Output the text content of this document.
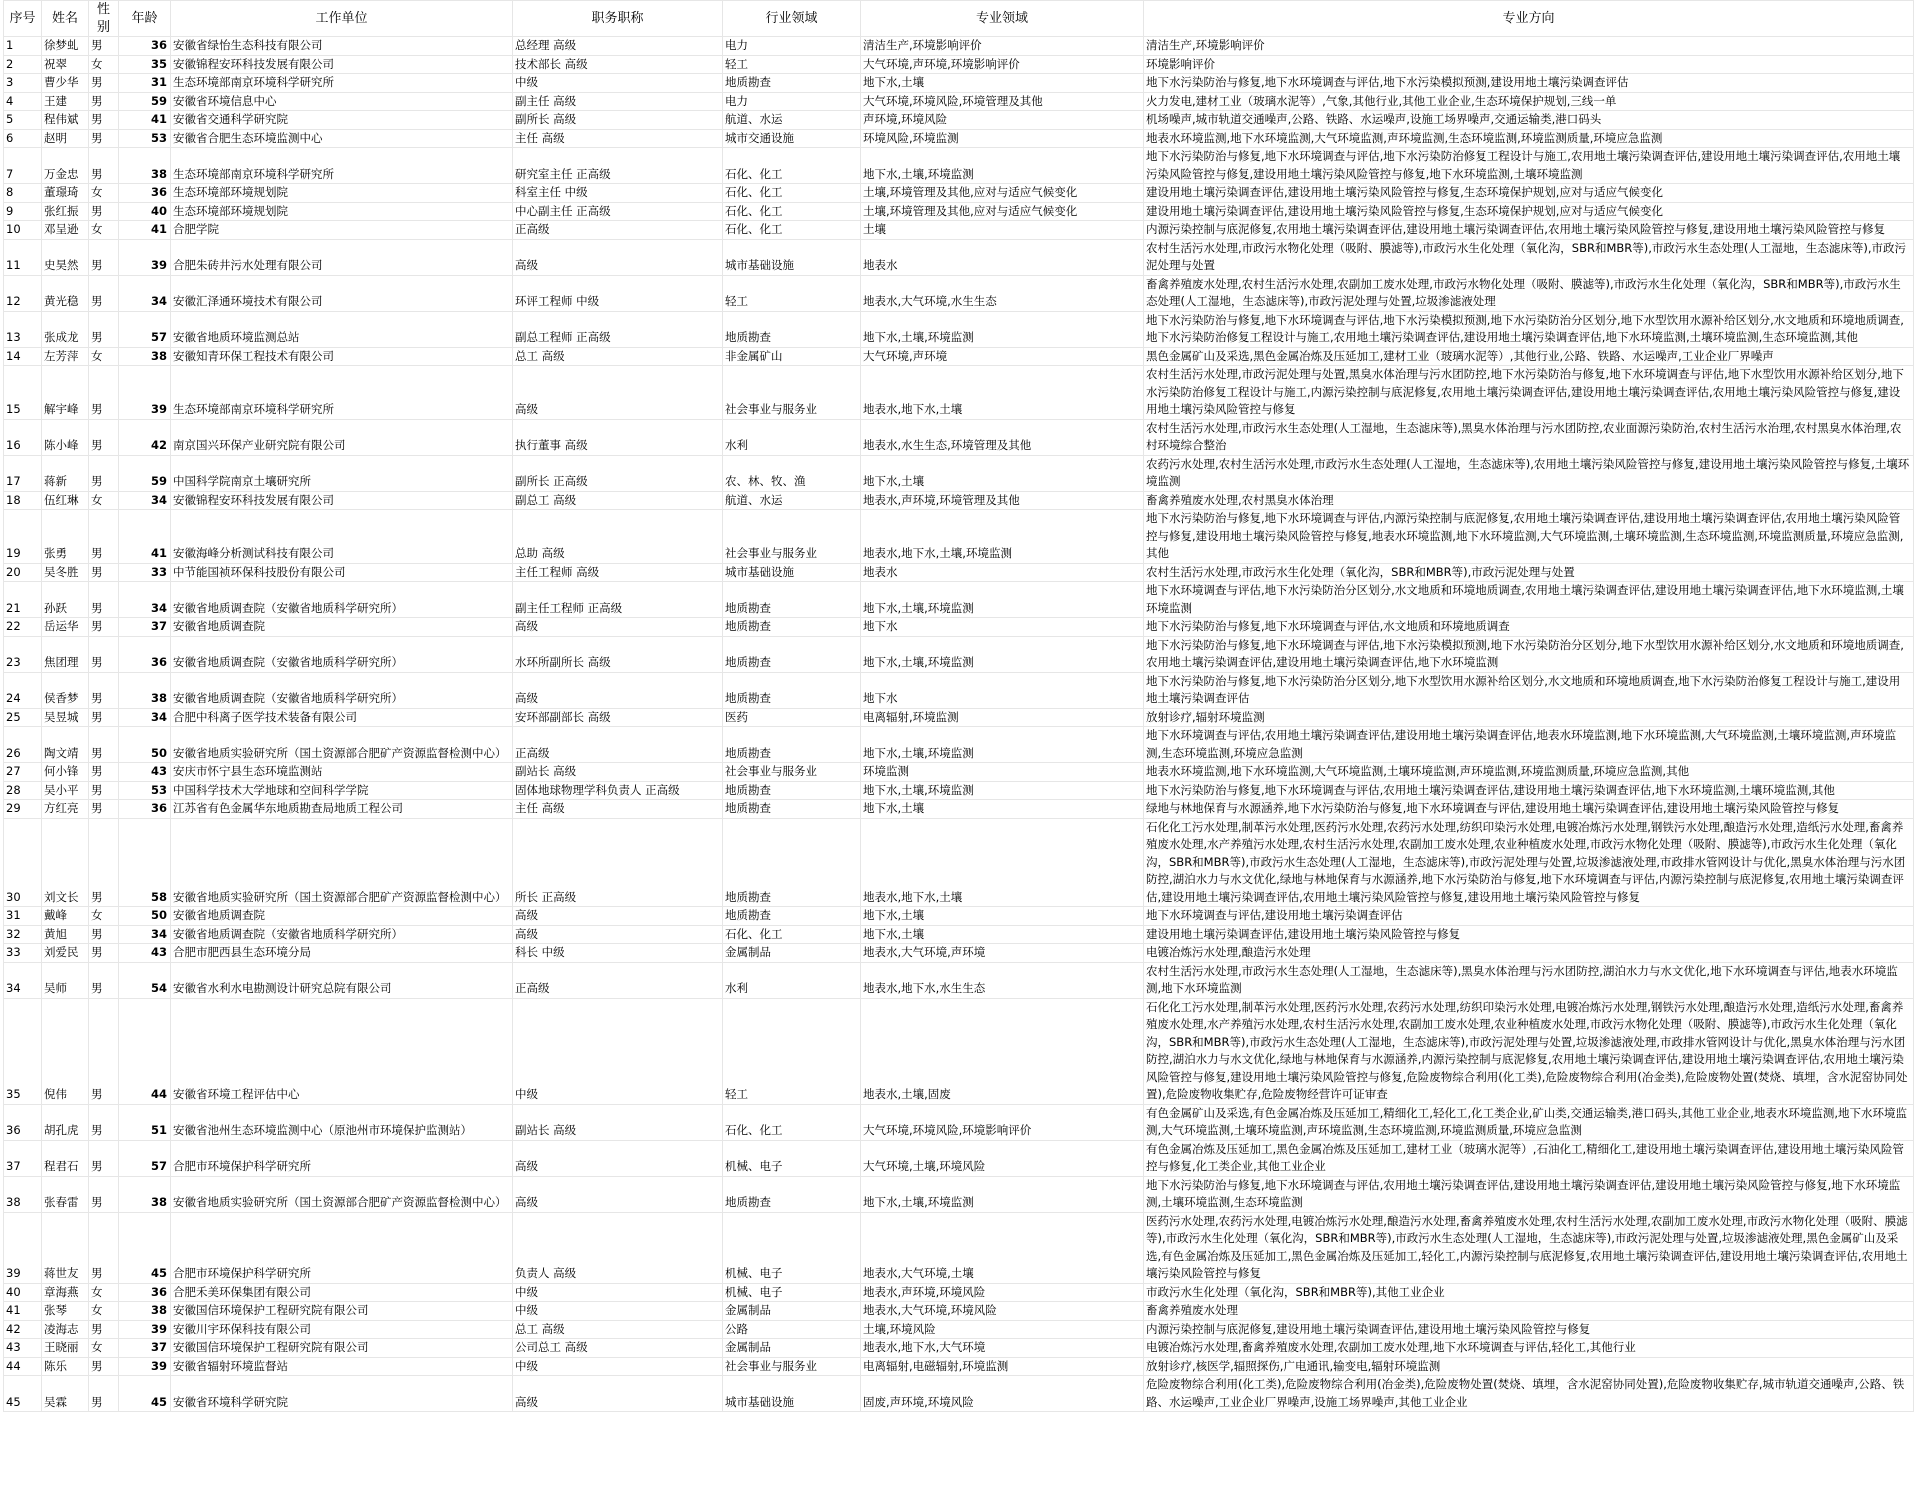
序号	姓名	性别	年龄	工作单位	职务职称	行业领域	专业领域	专业方向
1	徐梦虬	男	36	安徽省绿怡生态科技有限公司	总经理 高级	电力	清洁生产,环境影响评价	清洁生产,环境影响评价
2	祝翠	女	35	安徽锦程安环科技发展有限公司	技术部长 高级	轻工	大气环境,声环境,环境影响评价	环境影响评价
3	曹少华	男	31	生态环境部南京环境科学研究所	中级	地质勘查	地下水,土壤	地下水污染防治与修复,地下水环境调查与评估,地下水污染模拟预测,建设用地土壤污染调查评估
4	王建	男	59	安徽省环境信息中心	副主任 高级	电力	大气环境,环境风险,环境管理及其他	火力发电,建材工业（玻璃水泥等）,气象,其他行业,其他工业企业,生态环境保护规划,三线一单
5	程伟斌	男	41	安徽省交通科学研究院	副所长 高级	航道、水运	声环境,环境风险	机场噪声,城市轨道交通噪声,公路、铁路、水运噪声,设施工场界噪声,交通运输类,港口码头
6	赵明	男	53	安徽省合肥生态环境监测中心	主任 高级	城市交通设施	环境风险,环境监测	地表水环境监测,地下水环境监测,大气环境监测,声环境监测,生态环境监测,环境监测质量,环境应急监测
7	万金忠	男	38	生态环境部南京环境科学研究所	研究室主任 正高级	石化、化工	地下水,土壤,环境监测	地下水污染防治与修复,地下水环境调查与评估,地下水污染防治修复工程设计与施工,农用地土壤污染调查评估,建设用地土壤污染调查评估,农用地土壤污染风险管控与修复,建设用地土壤污染风险管控与修复,地下水环境监测,土壤环境监测
8	董璟琦	女	36	生态环境部环境规划院	科室主任 中级	石化、化工	土壤,环境管理及其他,应对与适应气候变化	建设用地土壤污染调查评估,建设用地土壤污染风险管控与修复,生态环境保护规划,应对与适应气候变化
9	张红振	男	40	生态环境部环境规划院	中心副主任 正高级	石化、化工	土壤,环境管理及其他,应对与适应气候变化	建设用地土壤污染调查评估,建设用地土壤污染风险管控与修复,生态环境保护规划,应对与适应气候变化
10	邓呈逊	女	41	合肥学院	正高级	石化、化工	土壤	内源污染控制与底泥修复,农用地土壤污染调查评估,建设用地土壤污染调查评估,农用地土壤污染风险管控与修复,建设用地土壤污染风险管控与修复
11	史昊然	男	39	合肥朱砖井污水处理有限公司	高级	城市基础设施	地表水	农村生活污水处理,市政污水物化处理（吸附、膜滤等),市政污水生化处理（氧化沟，SBR和MBR等),市政污水生态处理(人工湿地，生态滤床等),市政污泥处理与处置
12	黄光稳	男	34	安徽汇泽通环境技术有限公司	环评工程师 中级	轻工	地表水,大气环境,水生生态	畜禽养殖废水处理,农村生活污水处理,农副加工废水处理,市政污水物化处理（吸附、膜滤等),市政污水生化处理（氧化沟，SBR和MBR等),市政污水生态处理(人工湿地，生态滤床等),市政污泥处理与处置,垃圾渗滤液处理
13	张成龙	男	57	安徽省地质环境监测总站	副总工程师 正高级	地质勘查	地下水,土壤,环境监测	地下水污染防治与修复,地下水环境调查与评估,地下水污染模拟预测,地下水污染防治分区划分,地下水型饮用水源补给区划分,水文地质和环境地质调查,地下水污染防治修复工程设计与施工,农用地土壤污染调查评估,建设用地土壤污染调查评估,地下水环境监测,土壤环境监测,生态环境监测,其他
14	左芳萍	女	38	安徽知青环保工程技术有限公司	总工 高级	非金属矿山	大气环境,声环境	黑色金属矿山及采选,黑色金属冶炼及压延加工,建材工业（玻璃水泥等）,其他行业,公路、铁路、水运噪声,工业企业厂界噪声
15	解宇峰	男	39	生态环境部南京环境科学研究所	高级	社会事业与服务业	地表水,地下水,土壤	农村生活污水处理,市政污泥处理与处置,黑臭水体治理与污水团防控,地下水污染防治与修复,地下水环境调查与评估,地下水型饮用水源补给区划分,地下水污染防治修复工程设计与施工,内源污染控制与底泥修复,农用地土壤污染调查评估,建设用地土壤污染调查评估,农用地土壤污染风险管控与修复,建设用地土壤污染风险管控与修复
16	陈小峰	男	42	南京国兴环保产业研究院有限公司	执行董事 高级	水利	地表水,水生生态,环境管理及其他	农村生活污水处理,市政污水生态处理(人工湿地，生态滤床等),黑臭水体治理与污水团防控,农业面源污染防治,农村生活污水治理,农村黑臭水体治理,农村环境综合整治
17	蒋新	男	59	中国科学院南京土壤研究所	副所长 正高级	农、林、牧、渔	地下水,土壤	农药污水处理,农村生活污水处理,市政污水生态处理(人工湿地，生态滤床等),农用地土壤污染风险管控与修复,建设用地土壤污染风险管控与修复,土壤环境监测
18	伍红琳	女	34	安徽锦程安环科技发展有限公司	副总工 高级	航道、水运	地表水,声环境,环境管理及其他	畜禽养殖废水处理,农村黑臭水体治理
19	张勇	男	41	安徽海峰分析测试科技有限公司	总助 高级	社会事业与服务业	地表水,地下水,土壤,环境监测	地下水污染防治与修复,地下水环境调查与评估,内源污染控制与底泥修复,农用地土壤污染调查评估,建设用地土壤污染调查评估,农用地土壤污染风险管控与修复,建设用地土壤污染风险管控与修复,地表水环境监测,地下水环境监测,大气环境监测,土壤环境监测,生态环境监测,环境监测质量,环境应急监测,其他
20	吴冬胜	男	33	中节能国祯环保科技股份有限公司	主任工程师 高级	城市基础设施	地表水	农村生活污水处理,市政污水生化处理（氧化沟，SBR和MBR等),市政污泥处理与处置
21	孙跃	男	34	安徽省地质调查院（安徽省地质科学研究所）	副主任工程师 正高级	地质勘查	地下水,土壤,环境监测	地下水环境调查与评估,地下水污染防治分区划分,水文地质和环境地质调查,农用地土壤污染调查评估,建设用地土壤污染调查评估,地下水环境监测,土壤环境监测
22	岳运华	男	37	安徽省地质调查院	高级	地质勘查	地下水	地下水污染防治与修复,地下水环境调查与评估,水文地质和环境地质调查
23	焦团理	男	36	安徽省地质调查院（安徽省地质科学研究所）	水环所副所长 高级	地质勘查	地下水,土壤,环境监测	地下水污染防治与修复,地下水环境调查与评估,地下水污染模拟预测,地下水污染防治分区划分,地下水型饮用水源补给区划分,水文地质和环境地质调查,农用地土壤污染调查评估,建设用地土壤污染调查评估,地下水环境监测
24	侯香梦	男	38	安徽省地质调查院（安徽省地质科学研究所）	高级	地质勘查	地下水	地下水污染防治与修复,地下水污染防治分区划分,地下水型饮用水源补给区划分,水文地质和环境地质调查,地下水污染防治修复工程设计与施工,建设用地土壤污染调查评估
25	吴昱城	男	34	合肥中科离子医学技术装备有限公司	安环部副部长 高级	医药	电离辐射,环境监测	放射诊疗,辐射环境监测
26	陶文靖	男	50	安徽省地质实验研究所（国土资源部合肥矿产资源监督检测中心）	正高级	地质勘查	地下水,土壤,环境监测	地下水环境调查与评估,农用地土壤污染调查评估,建设用地土壤污染调查评估,地表水环境监测,地下水环境监测,大气环境监测,土壤环境监测,声环境监测,生态环境监测,环境应急监测
27	何小锋	男	43	安庆市怀宁县生态环境监测站	副站长 高级	社会事业与服务业	环境监测	地表水环境监测,地下水环境监测,大气环境监测,土壤环境监测,声环境监测,环境监测质量,环境应急监测,其他
28	吴小平	男	53	中国科学技术大学地球和空间科学学院	固体地球物理学科负责人 正高级	地质勘查	地下水,土壤,环境监测	地下水污染防治与修复,地下水环境调查与评估,农用地土壤污染调查评估,建设用地土壤污染调查评估,地下水环境监测,土壤环境监测,其他
29	方红亮	男	36	江苏省有色金属华东地质勘查局地质工程公司	主任 高级	地质勘查	地下水,土壤	绿地与林地保育与水源涵养,地下水污染防治与修复,地下水环境调查与评估,建设用地土壤污染调查评估,建设用地土壤污染风险管控与修复
30	刘文长	男	58	安徽省地质实验研究所（国土资源部合肥矿产资源监督检测中心）	所长 正高级	地质勘查	地表水,地下水,土壤	石化化工污水处理,制革污水处理,医药污水处理,农药污水处理,纺织印染污水处理,电镀冶炼污水处理,钢铁污水处理,酿造污水处理,造纸污水处理,畜禽养殖废水处理,水产养殖污水处理,农村生活污水处理,农副加工废水处理,农业种植废水处理,市政污水物化处理（吸附、膜滤等),市政污水生化处理（氧化沟，SBR和MBR等),市政污水生态处理(人工湿地，生态滤床等),市政污泥处理与处置,垃圾渗滤液处理,市政排水管网设计与优化,黑臭水体治理与污水团防控,湖泊水力与水文优化,绿地与林地保育与水源涵养,地下水污染防治与修复,地下水环境调查与评估,内源污染控制与底泥修复,农用地土壤污染调查评估,建设用地土壤污染调查评估,农用地土壤污染风险管控与修复,建设用地土壤污染风险管控与修复
31	戴峰	女	50	安徽省地质调查院	高级	地质勘查	地下水,土壤	地下水环境调查与评估,建设用地土壤污染调查评估
32	黄旭	男	34	安徽省地质调查院（安徽省地质科学研究所）	高级	石化、化工	地下水,土壤	建设用地土壤污染调查评估,建设用地土壤污染风险管控与修复
33	刘爱民	男	43	合肥市肥西县生态环境分局	科长 中级	金属制品	地表水,大气环境,声环境	电镀冶炼污水处理,酿造污水处理
34	吴师	男	54	安徽省水利水电勘测设计研究总院有限公司	正高级	水利	地表水,地下水,水生生态	农村生活污水处理,市政污水生态处理(人工湿地，生态滤床等),黑臭水体治理与污水团防控,湖泊水力与水文优化,地下水环境调查与评估,地表水环境监测,地下水环境监测
35	倪伟	男	44	安徽省环境工程评估中心	中级	轻工	地表水,土壤,固废	石化化工污水处理,制革污水处理,医药污水处理,农药污水处理,纺织印染污水处理,电镀冶炼污水处理,钢铁污水处理,酿造污水处理,造纸污水处理,畜禽养殖废水处理,水产养殖污水处理,农村生活污水处理,农副加工废水处理,农业种植废水处理,市政污水物化处理（吸附、膜滤等),市政污水生化处理（氧化沟，SBR和MBR等),市政污水生态处理(人工湿地，生态滤床等),市政污泥处理与处置,垃圾渗滤液处理,市政排水管网设计与优化,黑臭水体治理与污水团防控,湖泊水力与水文优化,绿地与林地保育与水源涵养,内源污染控制与底泥修复,农用地土壤污染调查评估,建设用地土壤污染调查评估,农用地土壤污染风险管控与修复,建设用地土壤污染风险管控与修复,危险废物综合利用(化工类),危险废物综合利用(冶金类),危险废物处置(焚烧、填埋，含水泥窑协同处置),危险废物收集贮存,危险废物经营许可证审查
36	胡孔虎	男	51	安徽省池州生态环境监测中心（原池州市环境保护监测站）	副站长 高级	石化、化工	大气环境,环境风险,环境影响评价	有色金属矿山及采选,有色金属冶炼及压延加工,精细化工,轻化工,化工类企业,矿山类,交通运输类,港口码头,其他工业企业,地表水环境监测,地下水环境监测,大气环境监测,土壤环境监测,声环境监测,生态环境监测,环境监测质量,环境应急监测
37	程君石	男	57	合肥市环境保护科学研究所	高级	机械、电子	大气环境,土壤,环境风险	有色金属冶炼及压延加工,黑色金属冶炼及压延加工,建材工业（玻璃水泥等）,石油化工,精细化工,建设用地土壤污染调查评估,建设用地土壤污染风险管控与修复,化工类企业,其他工业企业
38	张春雷	男	38	安徽省地质实验研究所（国土资源部合肥矿产资源监督检测中心）	高级	地质勘查	地下水,土壤,环境监测	地下水污染防治与修复,地下水环境调查与评估,农用地土壤污染调查评估,建设用地土壤污染调查评估,建设用地土壤污染风险管控与修复,地下水环境监测,土壤环境监测,生态环境监测
39	蒋世友	男	45	合肥市环境保护科学研究所	负责人 高级	机械、电子	地表水,大气环境,土壤	医药污水处理,农药污水处理,电镀冶炼污水处理,酿造污水处理,畜禽养殖废水处理,农村生活污水处理,农副加工废水处理,市政污水物化处理（吸附、膜滤等),市政污水生化处理（氧化沟，SBR和MBR等),市政污水生态处理(人工湿地，生态滤床等),市政污泥处理与处置,垃圾渗滤液处理,黑色金属矿山及采选,有色金属冶炼及压延加工,黑色金属冶炼及压延加工,轻化工,内源污染控制与底泥修复,农用地土壤污染调查评估,建设用地土壤污染调查评估,农用地土壤污染风险管控与修复
40	章海燕	女	36	合肥禾美环保集团有限公司	中级	机械、电子	地表水,声环境,环境风险	市政污水生化处理（氧化沟，SBR和MBR等),其他工业企业
41	张琴	女	38	安徽国信环境保护工程研究院有限公司	中级	金属制品	地表水,大气环境,环境风险	畜禽养殖废水处理
42	凌海志	男	39	安徽川宇环保科技有限公司	总工 高级	公路	土壤,环境风险	内源污染控制与底泥修复,建设用地土壤污染调查评估,建设用地土壤污染风险管控与修复
43	王晓丽	女	37	安徽国信环境保护工程研究院有限公司	公司总工 高级	金属制品	地表水,地下水,大气环境	电镀冶炼污水处理,畜禽养殖废水处理,农副加工废水处理,地下水环境调查与评估,轻化工,其他行业
44	陈乐	男	39	安徽省辐射环境监督站	中级	社会事业与服务业	电离辐射,电磁辐射,环境监测	放射诊疗,核医学,辐照探伤,广电通讯,输变电,辐射环境监测
45	吴霖	男	45	安徽省环境科学研究院	高级	城市基础设施	固废,声环境,环境风险	危险废物综合利用(化工类),危险废物综合利用(冶金类),危险废物处置(焚烧、填埋，含水泥窑协同处置),危险废物收集贮存,城市轨道交通噪声,公路、铁路、水运噪声,工业企业厂界噪声,设施工场界噪声,其他工业企业
